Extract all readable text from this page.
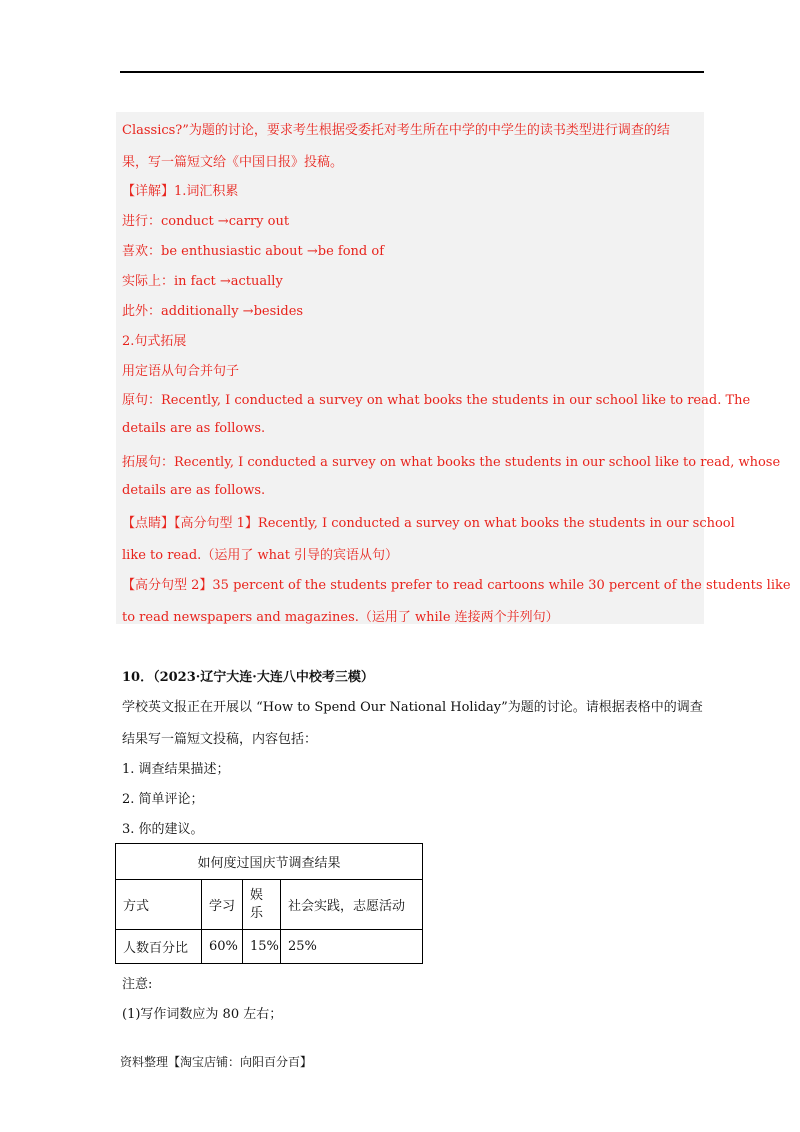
Classics?”为题的讨论，要求考生根据受委托对考生所在中学的中学生的读书类型进行调查的结
果，写一篇短文给《中国日报》投稿。
【详解】1.词汇积累
进行：conduct →carry out
喜欢：be enthusiastic about →be fond of
实际上：in fact →actually
此外：additionally →besides
2.句式拓展
用定语从句合并句子
原句：Recently, I conducted a survey on what books the students in our school like to read. The
details are as follows.
拓展句：Recently, I conducted a survey on what books the students in our school like to read, whose
details are as follows.
【点睛】【高分句型 1】Recently, I conducted a survey on what books the students in our school
like to read.（运用了 what 引导的宾语从句）
【高分句型 2】35 percent of the students prefer to read cartoons while 30 percent of the students like
to read newspapers and magazines.（运用了 while 连接两个并列句）
10．（2023·辽宁大连·大连八中校考三模）
学校英文报正在开展以 “How to Spend Our National Holiday”为题的讨论。请根据表格中的调查
结果写一篇短文投稿，内容包括：
1. 调查结果描述；
2. 简单评论；
3. 你的建议。
如何度过国庆节调查结果			
方式	学习	娱乐	社会实践，志愿活动
人数百分比	60%	15%	25%
注意:
(1)写作词数应为 80 左右；
资料整理【淘宝店铺：向阳百分百】
